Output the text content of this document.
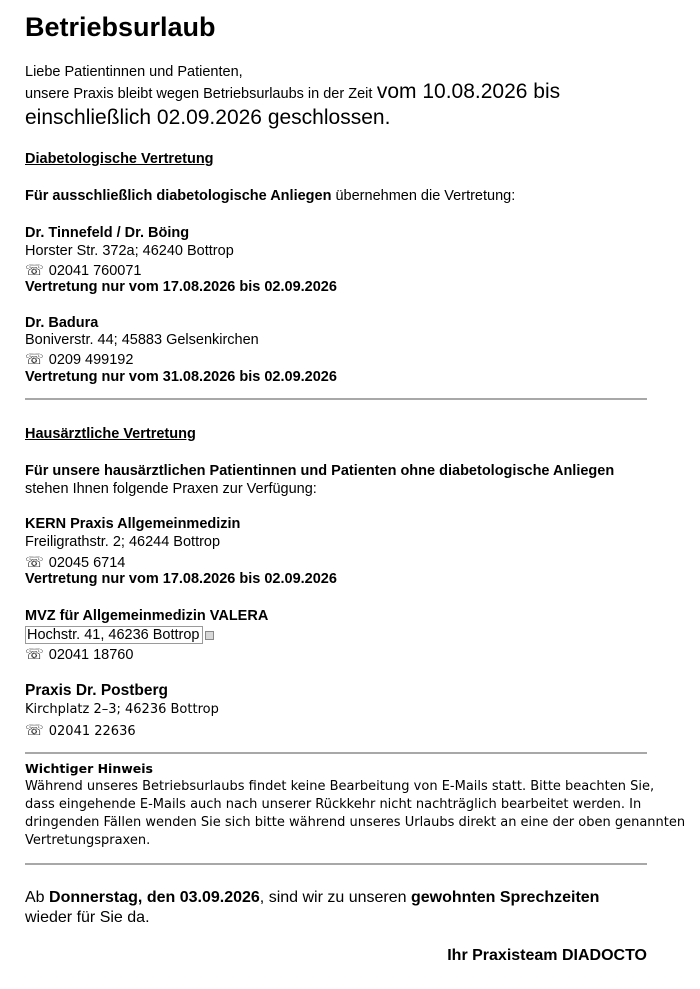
Betriebsurlaub
Liebe Patientinnen und Patienten,
unsere Praxis bleibt wegen Betriebsurlaubs in der Zeit vom 10.08.2026 bis
einschließlich 02.09.2026 geschlossen.
Diabetologische Vertretung
Für ausschließlich diabetologische Anliegen übernehmen die Vertretung:
Dr. Tinnefeld / Dr. Böing
Horster Str. 372a; 46240 Bottrop
☏ 02041 760071
Vertretung nur vom 17.08.2026 bis 02.09.2026
Dr. Badura
Boniverstr. 44; 45883 Gelsenkirchen
☏ 0209 499192
Vertretung nur vom 31.08.2026 bis 02.09.2026
Hausärztliche Vertretung
Für unsere hausärztlichen Patientinnen und Patienten ohne diabetologische Anliegen
stehen Ihnen folgende Praxen zur Verfügung:
KERN Praxis Allgemeinmedizin
Freiligrathstr. 2; 46244 Bottrop
☏ 02045 6714
Vertretung nur vom 17.08.2026 bis 02.09.2026
MVZ für Allgemeinmedizin VALERA
Hochstr. 41, 46236 Bottrop
☏ 02041 18760
Praxis Dr. Postberg
Kirchplatz 2–3; 46236 Bottrop
☏ 02041 22636
Wichtiger Hinweis
Während unseres Betriebsurlaubs findet keine Bearbeitung von E-Mails statt. Bitte beachten Sie,
dass eingehende E-Mails auch nach unserer Rückkehr nicht nachträglich bearbeitet werden. In
dringenden Fällen wenden Sie sich bitte während unseres Urlaubs direkt an eine der oben genannten
Vertretungspraxen.
Ab Donnerstag, den 03.09.2026, sind wir zu unseren gewohnten Sprechzeiten
wieder für Sie da.
Ihr Praxisteam DIADOCTO
